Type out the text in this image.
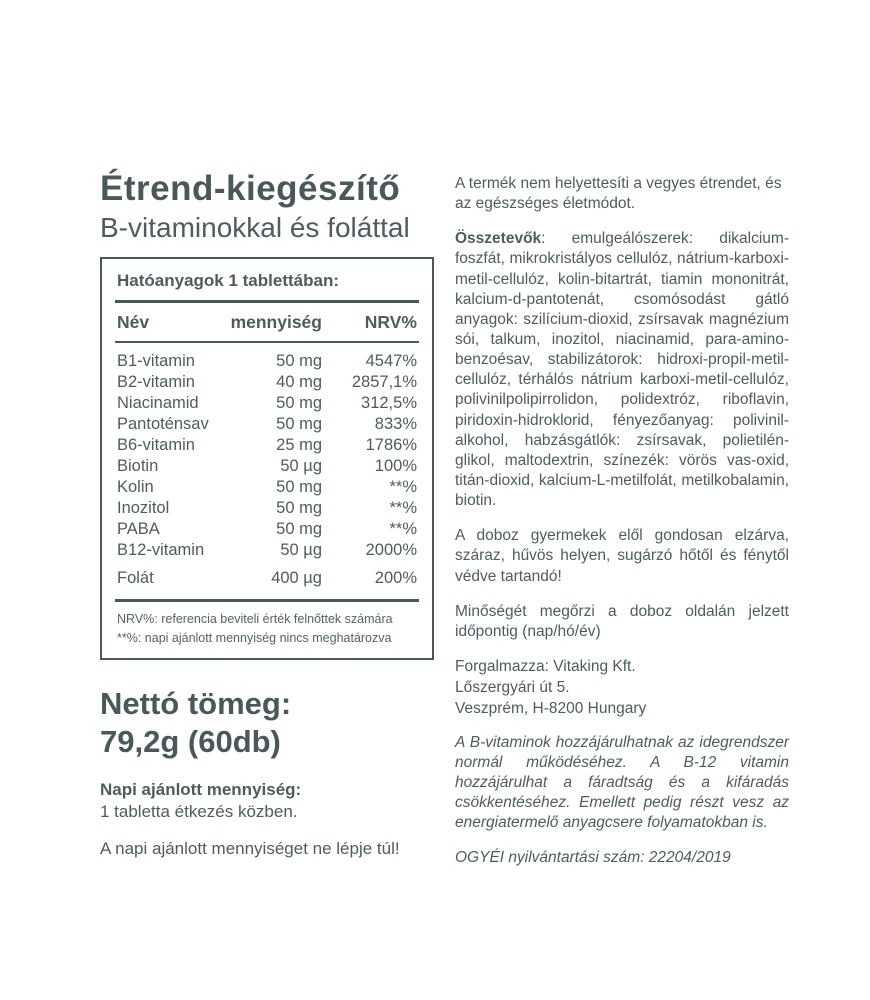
Étrend-kiegészítő
B-vitaminokkal és foláttal
Hatóanyagok 1 tablettában:
Név	mennyiség	NRV%
B1-vitamin	50 mg	4547%
B2-vitamin	40 mg	2857,1%
Niacinamid	50 mg	312,5%
Pantoténsav	50 mg	833%
B6-vitamin	25 mg	1786%
Biotin	50 µg	100%
Kolin	50 mg	**%
Inozitol	50 mg	**%
PABA	50 mg	**%
B12-vitamin	50 µg	2000%
Folát	400 µg	200%
NRV%: referencia beviteli érték felnőttek számára
**%: napi ajánlott mennyiség nincs meghatározva
Nettó tömeg:
79,2g (60db)
Napi ajánlott mennyiség:
1 tabletta étkezés közben.
A napi ajánlott mennyiséget ne lépje túl!

A termék nem helyettesíti a vegyes étrendet, és az egészséges életmódot.

Összetevők: emulgeálószerek: dikalcium-foszfát, mikrokristályos cellulóz, nátrium-karboxi-metil-cellulóz, kolin-bitartrát, tiamin mononitrát, kalcium-d-pantotenát, csomósodást gátló anyagok: szilícium-dioxid, zsírsavak magnézium sói, talkum, inozitol, niacinamid, para-amino-benzoésav, stabilizátorok: hidroxi-propil-metil-cellulóz, térhálós nátrium karboxi-metil-cellulóz, polivinilpolipirrolidon, polidextróz, riboflavin, piridoxin-hidroklorid, fényezőanyag: polivinil-alkohol, habzásgátlók: zsírsavak, polietilén-glikol, maltodextrin, színezék: vörös vas-oxid, titán-dioxid, kalcium-L-metilfolát, metilkobalamin, biotin.

A doboz gyermekek elől gondosan elzárva, száraz, hűvös helyen, sugárzó hőtől és fénytől védve tartandó!

Minőségét megőrzi a doboz oldalán jelzett időpontig (nap/hó/év)

Forgalmazza: Vitaking Kft.
Lőszergyári út 5.
Veszprém, H-8200 Hungary

A B-vitaminok hozzájárulhatnak az idegrendszer normál működéséhez. A B-12 vitamin hozzájárulhat a fáradtság és a kifáradás csökkentéséhez. Emellett pedig részt vesz az energiatermelő anyagcsere folyamatokban is.

OGYÉI nyilvántartási szám: 22204/2019
